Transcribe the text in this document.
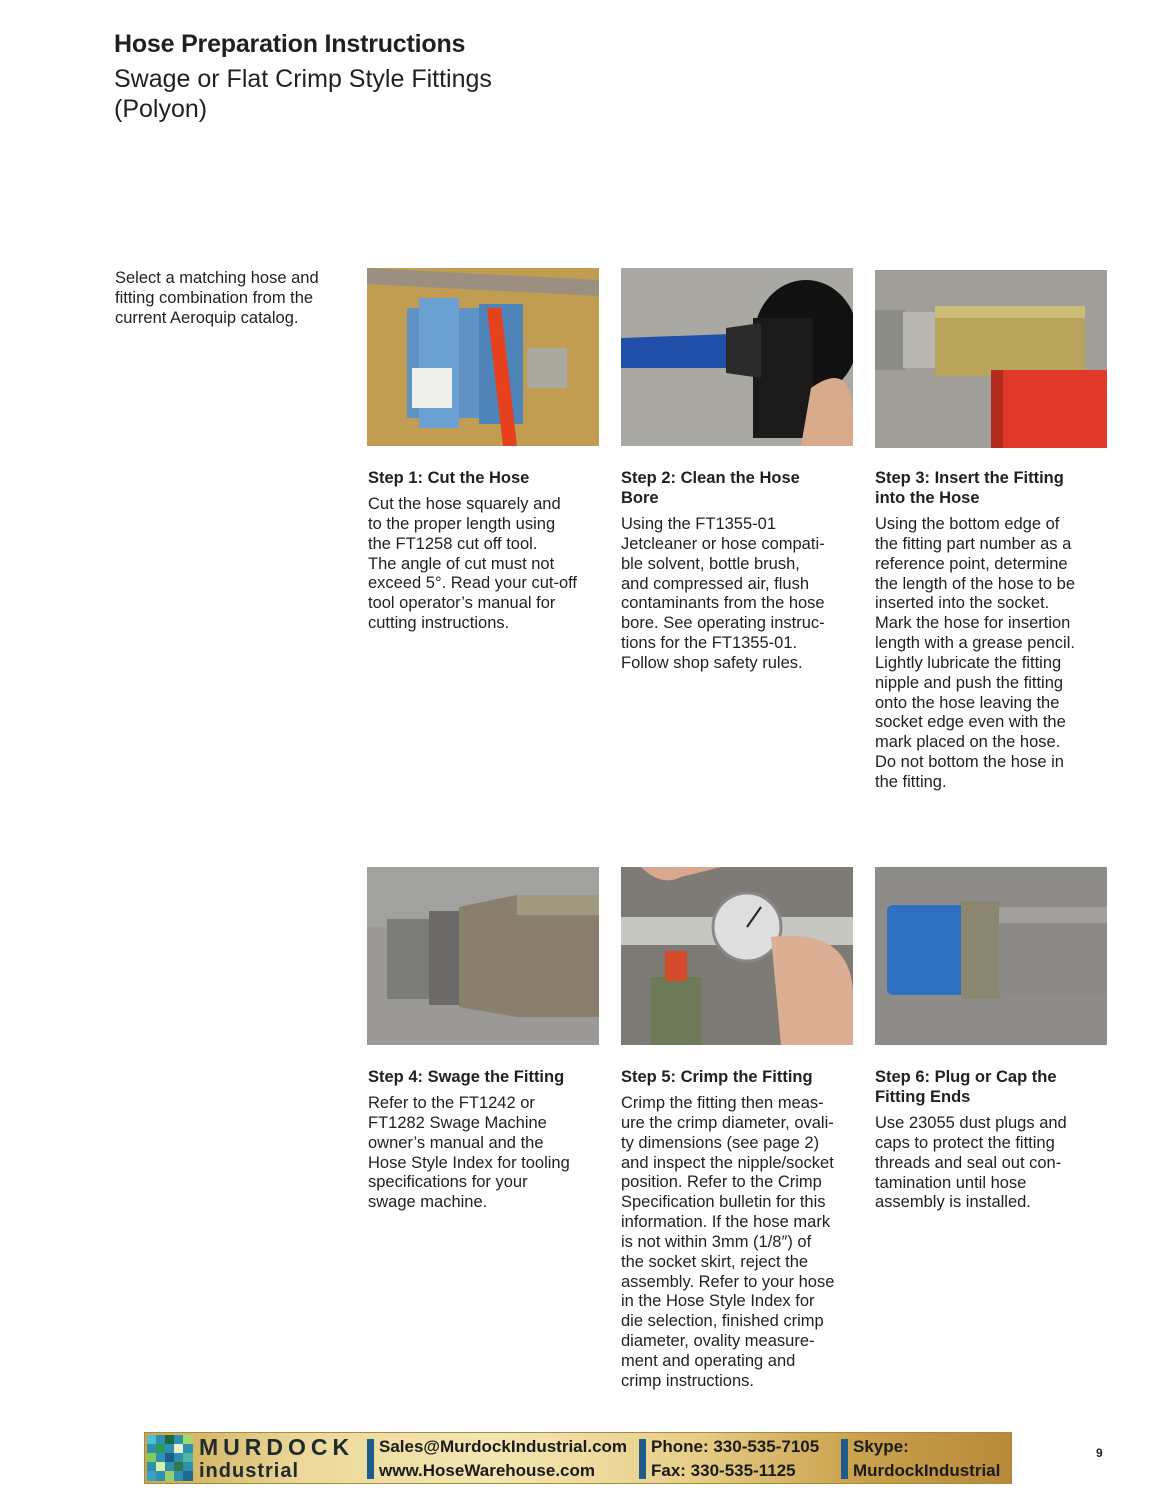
Hose Preparation Instructions
Swage or Flat Crimp Style Fittings
(Polyon)
Select a matching hose and
fitting combination from the
current Aeroquip catalog.
Step 1: Cut the Hose
Cut the hose squarely and
to the proper length using
the FT1258 cut off tool.
The angle of cut must not
exceed 5°. Read your cut-off
tool operator’s manual for
cutting instructions.
Step 2: Clean the Hose
Bore
Using the FT1355-01
Jetcleaner or hose compati-
ble solvent, bottle brush,
and compressed air, flush
contaminants from the hose
bore. See operating instruc-
tions for the FT1355-01.
Follow shop safety rules.
Step 3: Insert the Fitting
into the Hose
Using the bottom edge of
the fitting part number as a
reference point, determine
the length of the hose to be
inserted into the socket.
Mark the hose for insertion
length with a grease pencil.
Lightly lubricate the fitting
nipple and push the fitting
onto the hose leaving the
socket edge even with the
mark placed on the hose.
Do not bottom the hose in
the fitting.
Step 4: Swage the Fitting
Refer to the FT1242 or
FT1282 Swage Machine
owner’s manual and the
Hose Style Index for tooling
specifications for your
swage machine.
Step 5: Crimp the Fitting
Crimp the fitting then meas-
ure the crimp diameter, ovali-
ty dimensions (see page 2)
and inspect the nipple/socket
position. Refer to the Crimp
Specification bulletin for this
information. If the hose mark
is not within 3mm (1/8″) of
the socket skirt, reject the
assembly. Refer to your hose
in the Hose Style Index for
die selection, finished crimp
diameter, ovality measure-
ment and operating and
crimp instructions.
Step 6: Plug or Cap the
Fitting Ends
Use 23055 dust plugs and
caps to protect the fitting
threads and seal out con-
tamination until hose
assembly is installed.
MURDOCK
industrial
Sales@MurdockIndustrial.com
www.HoseWarehouse.com
Phone: 330-535-7105
Fax: 330-535-1125
Skype:
MurdockIndustrial
9
